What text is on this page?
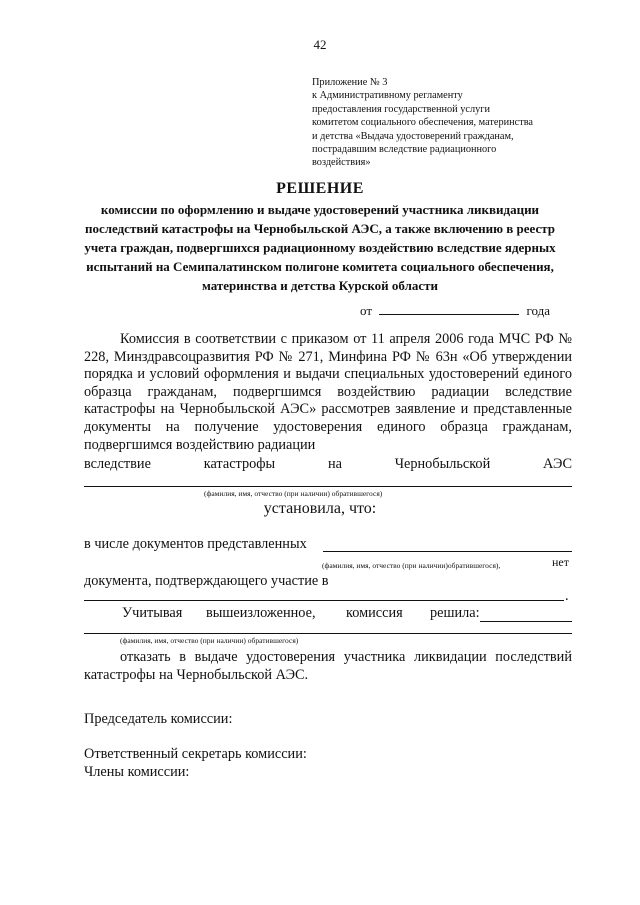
42
Приложение № 3
к Административному регламенту
предоставления государственной услуги
комитетом социального обеспечения, материнства
и детства «Выдача удостоверений гражданам,
пострадавшим вследствие радиационного
воздействия»
РЕШЕНИЕ
комиссии по оформлению и выдаче удостоверений участника ликвидации последствий катастрофы на Чернобыльской АЭС, а также включению в реестр учета граждан, подвергшихся радиационному воздействию вследствие ядерных испытаний на Семипалатинском полигоне комитета социального обеспечения, материнства и детства Курской области
от	года
Комиссия в соответствии с приказом от 11 апреля 2006 года МЧС РФ № 228, Минздравсоцразвития РФ № 271, Минфина РФ № 63н «Об утверждении порядка и условий оформления и выдачи специальных удостоверений единого образца гражданам, подвергшимся воздействию радиации вследствие катастрофы на Чернобыльской АЭС» рассмотрев заявление и представленные документы на получение удостоверения единого образца гражданам, подвергшимся воздействию радиации
вследствие	катастрофы	на	Чернобыльской	АЭС
(фамилия, имя, отчество (при наличии) обратившегося)
установила, что:
в числе документов представленных
(фамилия, имя, отчество (при наличии)обратившегося),	нет
документа, подтверждающего участие в
.
Учитывая вышеизложенное, комиссия решила:
(фамилия, имя, отчество (при наличии) обратившегося)
отказать в выдаче удостоверения участника ликвидации последствий катастрофы на Чернобыльской АЭС.
Председатель комиссии:
Ответственный секретарь комиссии:
Члены комиссии:
